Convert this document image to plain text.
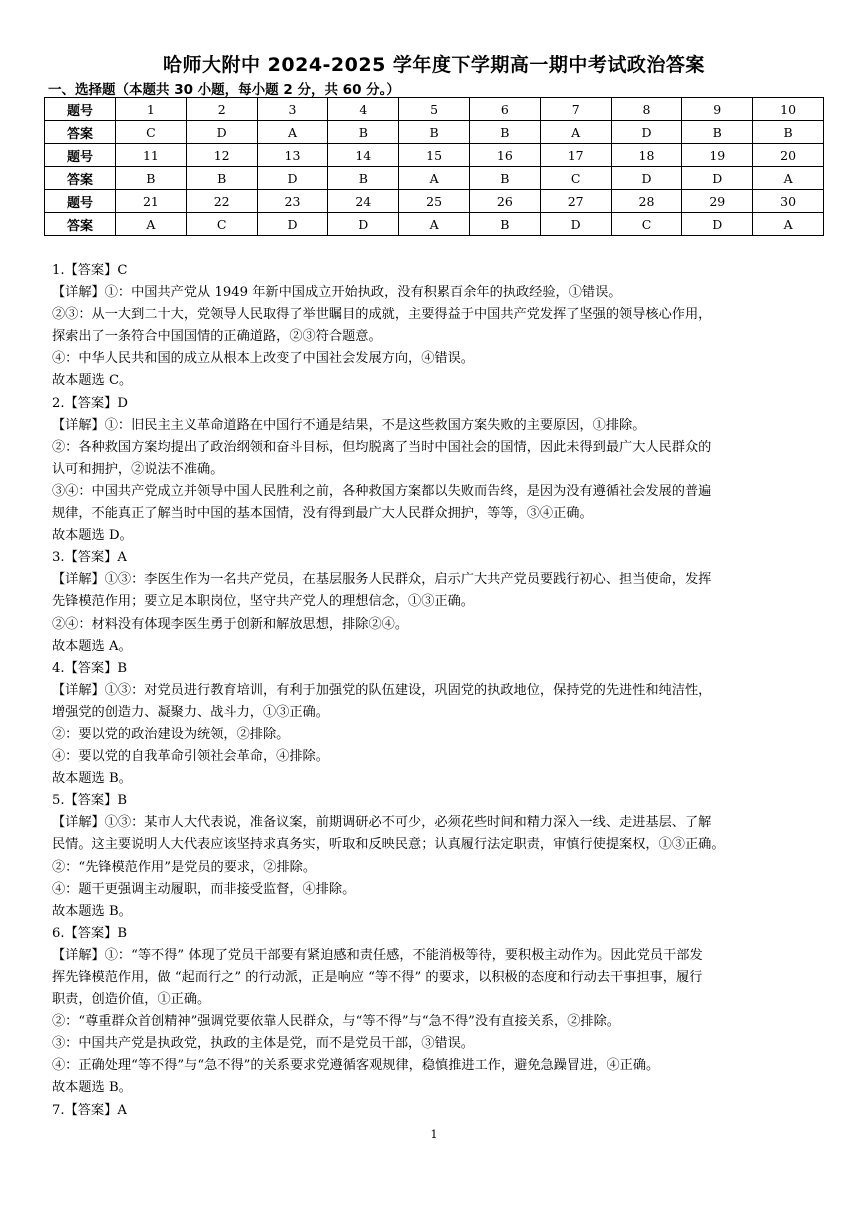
哈师大附中 2024-2025 学年度下学期高一期中考试政治答案
一、选择题（本题共 30 小题，每小题 2 分，共 60 分。）
题号	1	2	3	4	5	6	7	8	9	10
答案	C	D	A	B	B	B	A	D	B	B
题号	11	12	13	14	15	16	17	18	19	20
答案	B	B	D	B	A	B	C	D	D	A
题号	21	22	23	24	25	26	27	28	29	30
答案	A	C	D	D	A	B	D	C	D	A

1.【答案】C

【详解】①：中国共产党从 1949 年新中国成立开始执政，没有积累百余年的执政经验，①错误。

②③：从一大到二十大，党领导人民取得了举世瞩目的成就，主要得益于中国共产党发挥了坚强的领导核心作用，

探索出了一条符合中国国情的正确道路，②③符合题意。

④：中华人民共和国的成立从根本上改变了中国社会发展方向，④错误。

故本题选 C。

2.【答案】D

【详解】①：旧民主主义革命道路在中国行不通是结果，不是这些救国方案失败的主要原因，①排除。

②：各种救国方案均提出了政治纲领和奋斗目标，但均脱离了当时中国社会的国情，因此未得到最广大人民群众的

认可和拥护，②说法不准确。

③④：中国共产党成立并领导中国人民胜利之前，各种救国方案都以失败而告终，是因为没有遵循社会发展的普遍

规律，不能真正了解当时中国的基本国情，没有得到最广大人民群众拥护，等等，③④正确。

故本题选 D。

3.【答案】A

【详解】①③：李医生作为一名共产党员，在基层服务人民群众，启示广大共产党员要践行初心、担当使命，发挥

先锋模范作用；要立足本职岗位，坚守共产党人的理想信念，①③正确。

②④：材料没有体现李医生勇于创新和解放思想，排除②④。

故本题选 A。

4.【答案】B

【详解】①③：对党员进行教育培训，有利于加强党的队伍建设，巩固党的执政地位，保持党的先进性和纯洁性，

增强党的创造力、凝聚力、战斗力，①③正确。

②：要以党的政治建设为统领，②排除。

④：要以党的自我革命引领社会革命，④排除。

故本题选 B。

5.【答案】B

【详解】①③：某市人大代表说，准备议案，前期调研必不可少，必须花些时间和精力深入一线、走进基层、了解

民情。这主要说明人大代表应该坚持求真务实，听取和反映民意；认真履行法定职责，审慎行使提案权，①③正确。

②：“先锋模范作用”是党员的要求，②排除。

④：题干更强调主动履职，而非接受监督，④排除。

故本题选 B。

6.【答案】B

【详解】①：“等不得” 体现了党员干部要有紧迫感和责任感，不能消极等待，要积极主动作为。因此党员干部发

挥先锋模范作用，做 “起而行之” 的行动派，正是响应 “等不得” 的要求，以积极的态度和行动去干事担事，履行

职责，创造价值，①正确。

②：“尊重群众首创精神”强调党要依靠人民群众，与“等不得”与“急不得”没有直接关系，②排除。

③：中国共产党是执政党，执政的主体是党，而不是党员干部，③错误。

④：正确处理“等不得”与“急不得”的关系要求党遵循客观规律，稳慎推进工作，避免急躁冒进，④正确。

故本题选 B。

7.【答案】A

1
